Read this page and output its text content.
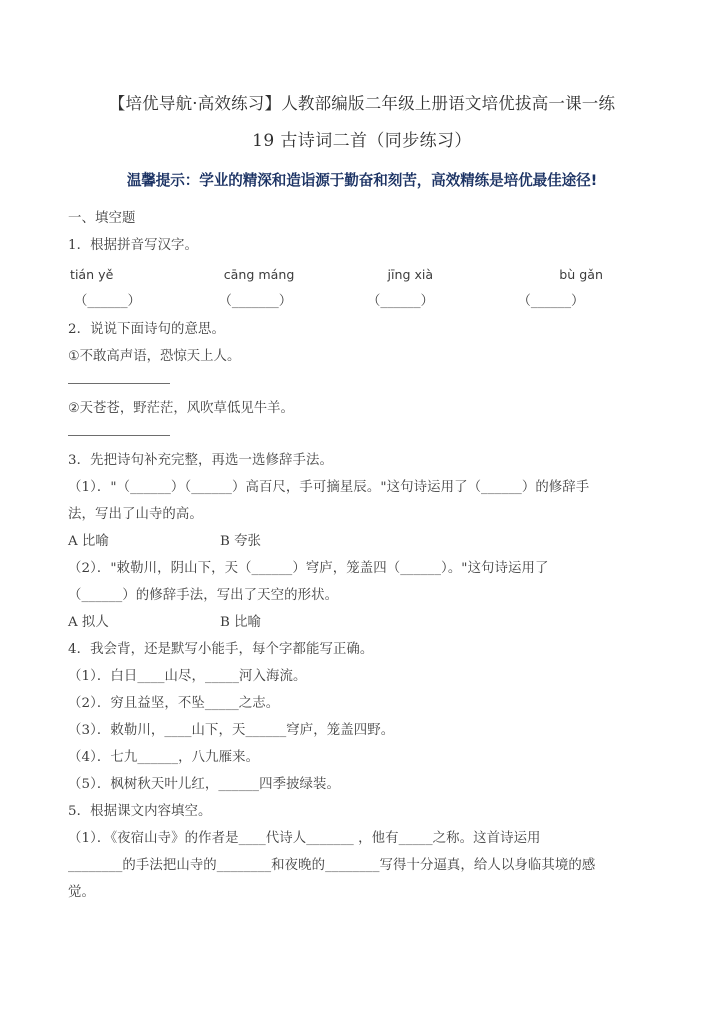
【培优导航·高效练习】人教部编版二年级上册语文培优拔高一课一练
19 古诗词二首（同步练习）

温馨提示：学业的精深和造诣源于勤奋和刻苦，高效精练是培优最佳途径!

一、填空题

1．根据拼音写汉字。

tián yě	cāng máng	jīng xià	bù gǎn
（______）	（_______）	（______）	（______）

2．说说下面诗句的意思。

①不敢高声语，恐惊天上人。

②天苍苍，野茫茫，风吹草低见牛羊。

3．先把诗句补充完整，再选一选修辞手法。

（1）．"（______）（______）高百尺，手可摘星辰。"这句诗运用了（______）的修辞手

法，写出了山寺的高。

A 比喻	B 夸张

（2）．"敕勒川，阴山下，天（______）穹庐，笼盖四（______）。"这句诗运用了

（______）的修辞手法，写出了天空的形状。

A 拟人	B 比喻

4．我会背，还是默写小能手，每个字都能写正确。

（1）．白日____山尽，_____河入海流。

（2）．穷且益坚，不坠_____之志。

（3）．敕勒川，____山下，天______穹庐，笼盖四野。

（4）．七九______，八九雁来。

（5）．枫树秋天叶儿红，______四季披绿装。

5．根据课文内容填空。

（1）．《夜宿山寺》的作者是____代诗人_______ ，他有_____之称。这首诗运用

________的手法把山寺的________和夜晚的________写得十分逼真，给人以身临其境的感

觉。
